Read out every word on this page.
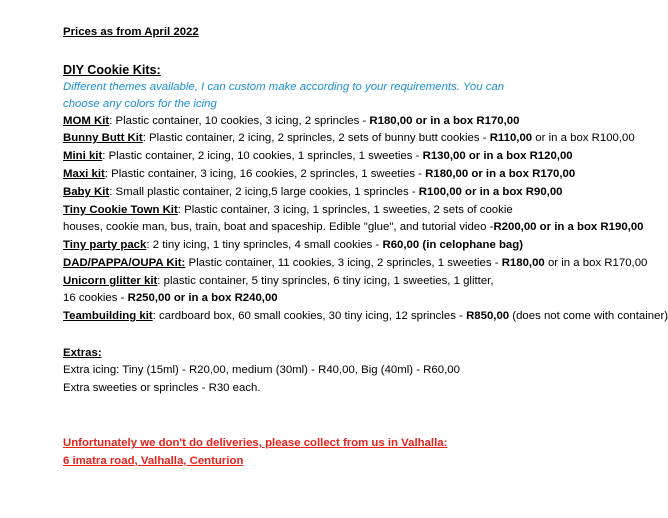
Prices as from April 2022
DIY Cookie Kits:
Different themes available, I can custom make according to your requirements. You can
choose any colors for the icing
MOM Kit: Plastic container, 10 cookies, 3 icing, 2 sprincles - R180,00 or in a box R170,00
Bunny Butt Kit: Plastic container, 2 icing, 2 sprincles, 2 sets of bunny butt cookies - R110,00 or in a box R100,00
Mini kit: Plastic container, 2 icing, 10 cookies, 1 sprincles, 1 sweeties - R130,00 or in a box R120,00
Maxi kit: Plastic container, 3 icing, 16 cookies, 2 sprincles, 1 sweeties - R180,00 or in a box R170,00
Baby Kit: Small plastic container, 2 icing,5 large cookies, 1 sprincles - R100,00 or in a box R90,00
Tiny Cookie Town Kit: Plastic container, 3 icing, 1 sprincles, 1 sweeties, 2 sets of cookie
houses, cookie man, bus, train, boat and spaceship. Edible "glue", and tutorial video -R200,00 or in a box R190,00
Tiny party pack: 2 tiny icing, 1 tiny sprincles, 4 small cookies - R60,00 (in celophane bag)
DAD/PAPPA/OUPA Kit: Plastic container, 11 cookies, 3 icing, 2 sprincles, 1 sweeties - R180,00 or in a box R170,00
Unicorn glitter kit: plastic container, 5 tiny sprincles, 6 tiny icing, 1 sweeties, 1 glitter,
16 cookies - R250,00 or in a box R240,00
Teambuilding kit: cardboard box, 60 small cookies, 30 tiny icing, 12 sprincles - R850,00 (does not come with container)
Extras:
Extra icing: Tiny (15ml) - R20,00, medium (30ml) - R40,00, Big (40ml) - R60,00
Extra sweeties or sprincles - R30 each.
Unfortunately we don't do deliveries, please collect from us in Valhalla:
6 imatra road, Valhalla, Centurion
